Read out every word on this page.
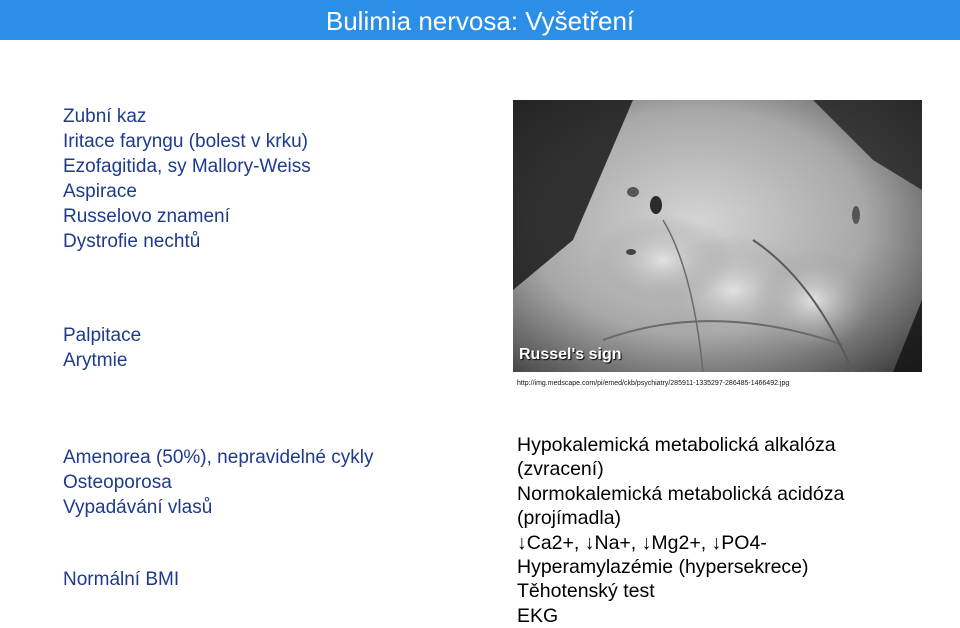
Bulimia nervosa: Vyšetření
Zubní kaz
Iritace faryngu (bolest v krku)
Ezofagitida, sy Mallory-Weiss
Aspirace
Russelovo znamení
Dystrofie nechtů
Palpitace
Arytmie
Amenorea (50%), nepravidelné cykly
Osteoporosa
Vypadávání vlasů
Normální BMI
Hypokalemická metabolická alkalóza
(zvracení)
Normokalemická metabolická acidóza
(projímadla)
↓Ca2+, ↓Na+, ↓Mg2+, ↓PO4-
Hyperamylazémie (hypersekrece)
Těhotenský test
EKG
Russel's sign
http://img.medscape.com/pi/emed/ckb/psychiatry/285911-1335297-286485-1466492.jpg
